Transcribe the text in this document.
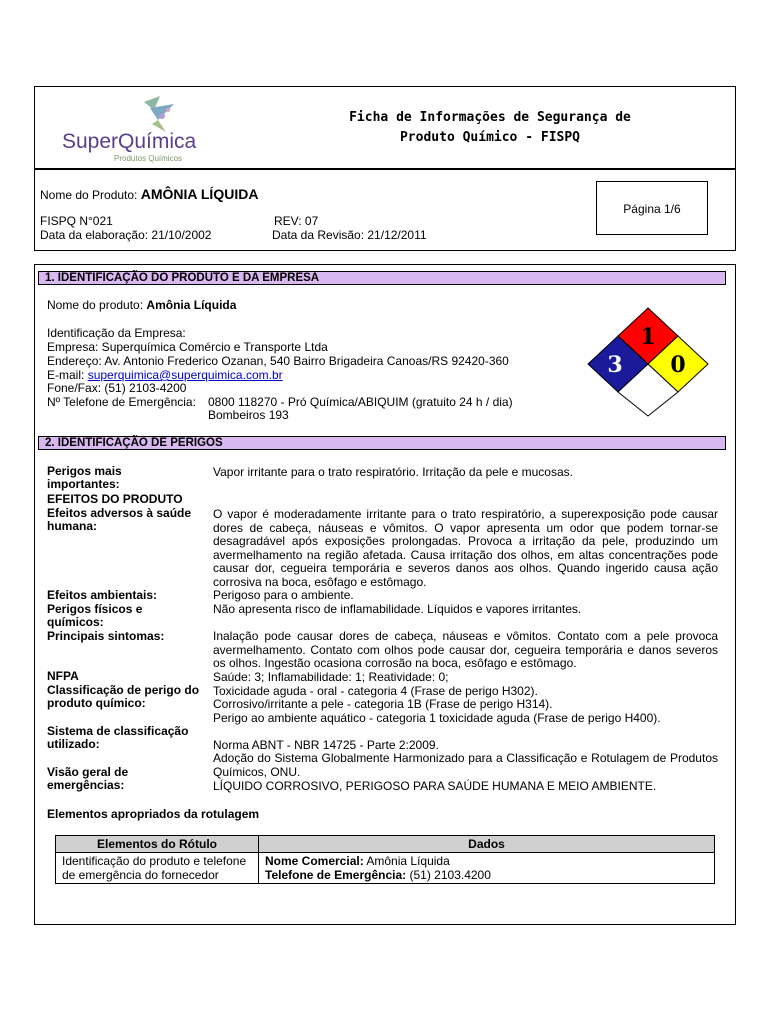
SuperQuímica
Produtos Químicos
Ficha de Informações de Segurança de
Produto Químico - FISPQ
Nome do Produto: AMÔNIA LÍQUIDA
FISPQ N°021	REV: 07
Data da elaboração: 21/10/2002	Data da Revisão: 21/12/2011
Página 1/6
1. IDENTIFICAÇÃO DO PRODUTO E DA EMPRESA
Nome do produto: Amônia Líquida
Identificação da Empresa:
Empresa: Superquímica Comércio e Transporte Ltda
Endereço: Av. Antonio Frederico Ozanan, 540 Bairro Brigadeira Canoas/RS 92420-360
E-mail: superquimica@superquimica.com.br
Fone/Fax: (51) 2103-4200
Nº Telefone de Emergência: 0800 118270 - Pró Química/ABIQUIM (gratuito 24 h / dia)
Bombeiros 193
1
3 0
2. IDENTIFICAÇÃO DE PERIGOS
Perigos mais importantes:
Vapor irritante para o trato respiratório. Irritação da pele e mucosas.
EFEITOS DO PRODUTO
Efeitos adversos à saúde humana:
O vapor é moderadamente irritante para o trato respiratório, a superexposição pode causar dores de cabeça, náuseas e vômitos. O vapor apresenta um odor que podem tornar-se desagradável após exposições prolongadas. Provoca a irritação da pele, produzindo um avermelhamento na região afetada. Causa irritação dos olhos, em altas concentrações pode causar dor, cegueira temporária e severos danos aos olhos. Quando ingerido causa ação corrosiva na boca, esôfago e estômago.
Efeitos ambientais:	Perigoso para o ambiente.
Perigos físicos e químicos:
Não apresenta risco de inflamabilidade. Líquidos e vapores irritantes.
Principais sintomas:	Inalação pode causar dores de cabeça, náuseas e vômitos. Contato com a pele provoca avermelhamento. Contato com olhos pode causar dor, cegueira temporária e danos severos os olhos. Ingestão ocasiona corrosão na boca, esôfago e estômago.
NFPA	Saúde: 3; Inflamabilidade: 1; Reatividade: 0;
Classificação de perigo do produto químico:
Toxicidade aguda - oral - categoria 4 (Frase de perigo H302).
Corrosivo/irritante a pele - categoria 1B (Frase de perigo H314).
Perigo ao ambiente aquático - categoria 1 toxicidade aguda (Frase de perigo H400).
Sistema de classificação utilizado:	Norma ABNT - NBR 14725 - Parte 2:2009.
Adoção do Sistema Globalmente Harmonizado para a Classificação e Rotulagem de Produtos Químicos, ONU.
Visão geral de emergências:	LÍQUIDO CORROSIVO, PERIGOSO PARA SAÚDE HUMANA E MEIO AMBIENTE.
Elementos apropriados da rotulagem
Elementos do Rótulo	Dados
Identificação do produto e telefone de emergência do fornecedor	Nome Comercial: Amônia Líquida
Telefone de Emergência: (51) 2103.4200
